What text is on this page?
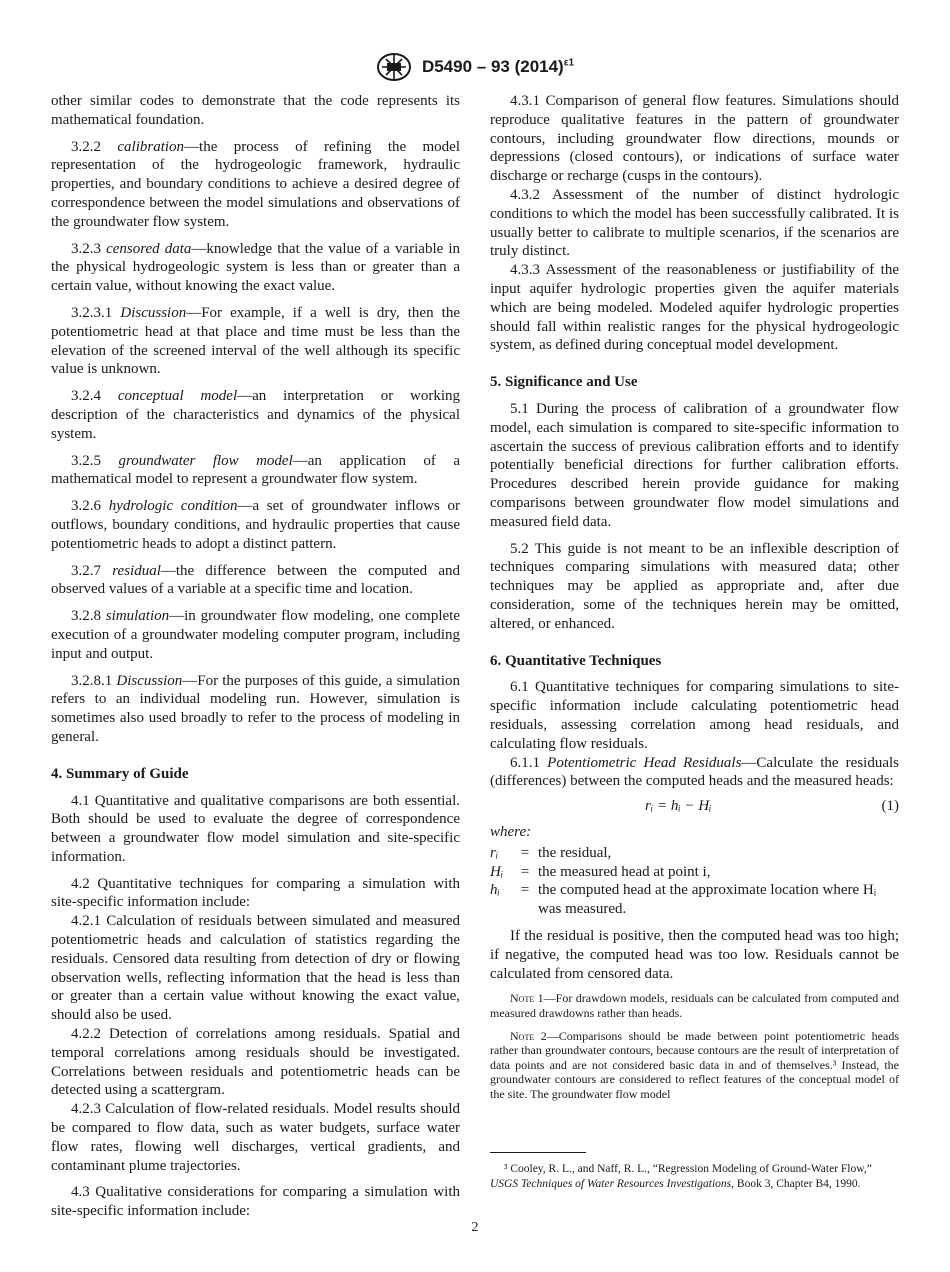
D5490 – 93 $(2014)^{\varepsilon 1}$

other similar codes to demonstrate that the code represents its mathematical foundation.

3.2.2 calibration—the process of refining the model representation of the hydrogeologic framework, hydraulic properties, and boundary conditions to achieve a desired degree of correspondence between the model simulations and observations of the groundwater flow system.

3.2.3 censored data—knowledge that the value of a variable in the physical hydrogeologic system is less than or greater than a certain value, without knowing the exact value.

3.2.3.1 Discussion—For example, if a well is dry, then the potentiometric head at that place and time must be less than the elevation of the screened interval of the well although its specific value is unknown.

3.2.4 conceptual model—an interpretation or working description of the characteristics and dynamics of the physical system.

3.2.5 groundwater flow model—an application of a mathematical model to represent a groundwater flow system.

3.2.6 hydrologic condition—a set of groundwater inflows or outflows, boundary conditions, and hydraulic properties that cause potentiometric heads to adopt a distinct pattern.

3.2.7 residual—the difference between the computed and observed values of a variable at a specific time and location.

3.2.8 simulation—in groundwater flow modeling, one complete execution of a groundwater modeling computer program, including input and output.

3.2.8.1 Discussion—For the purposes of this guide, a simulation refers to an individual modeling run. However, simulation is sometimes also used broadly to refer to the process of modeling in general.

4. Summary of Guide

4.1 Quantitative and qualitative comparisons are both essential. Both should be used to evaluate the degree of correspondence between a groundwater flow model simulation and site-specific information.

4.2 Quantitative techniques for comparing a simulation with site-specific information include:

4.2.1 Calculation of residuals between simulated and measured potentiometric heads and calculation of statistics regarding the residuals. Censored data resulting from detection of dry or flowing observation wells, reflecting information that the head is less than or greater than a certain value without knowing the exact value, should also be used.

4.2.2 Detection of correlations among residuals. Spatial and temporal correlations among residuals should be investigated. Correlations between residuals and potentiometric heads can be detected using a scattergram.

4.2.3 Calculation of flow-related residuals. Model results should be compared to flow data, such as water budgets, surface water flow rates, flowing well discharges, vertical gradients, and contaminant plume trajectories.

4.3 Qualitative considerations for comparing a simulation with site-specific information include:

4.3.1 Comparison of general flow features. Simulations should reproduce qualitative features in the pattern of groundwater contours, including groundwater flow directions, mounds or depressions (closed contours), or indications of surface water discharge or recharge (cusps in the contours).

4.3.2 Assessment of the number of distinct hydrologic conditions to which the model has been successfully calibrated. It is usually better to calibrate to multiple scenarios, if the scenarios are truly distinct.

4.3.3 Assessment of the reasonableness or justifiability of the input aquifer hydrologic properties given the aquifer materials which are being modeled. Modeled aquifer hydrologic properties should fall within realistic ranges for the physical hydrogeologic system, as defined during conceptual model development.

5. Significance and Use

5.1 During the process of calibration of a groundwater flow model, each simulation is compared to site-specific information to ascertain the success of previous calibration efforts and to identify potentially beneficial directions for further calibration efforts. Procedures described herein provide guidance for making comparisons between groundwater flow model simulations and measured field data.

5.2 This guide is not meant to be an inflexible description of techniques comparing simulations with measured data; other techniques may be applied as appropriate and, after due consideration, some of the techniques herein may be omitted, altered, or enhanced.

6. Quantitative Techniques

6.1 Quantitative techniques for comparing simulations to site-specific information include calculating potentiometric head residuals, assessing correlation among head residuals, and calculating flow residuals.

6.1.1 Potentiometric Head Residuals—Calculate the residuals (differences) between the computed heads and the measured heads:

rᵢ = hᵢ − Hᵢ	(1)
where:
rᵢ	= the residual,
Hᵢ	= the measured head at point i,
hᵢ	= the computed head at the approximate location where Hᵢ was measured.

If the residual is positive, then the computed head was too high; if negative, the computed head was too low. Residuals cannot be calculated from censored data.

Note 1—For drawdown models, residuals can be calculated from computed and measured drawdowns rather than heads.

Note 2—Comparisons should be made between point potentiometric heads rather than groundwater contours, because contours are the result of interpretation of data points and are not considered basic data in and of themselves.³ Instead, the groundwater contours are considered to reflect features of the conceptual model of the site. The groundwater flow model

³ Cooley, R. L., and Naff, R. L., “Regression Modeling of Ground-Water Flow,” USGS Techniques of Water Resources Investigations, Book 3, Chapter B4, 1990.
2
